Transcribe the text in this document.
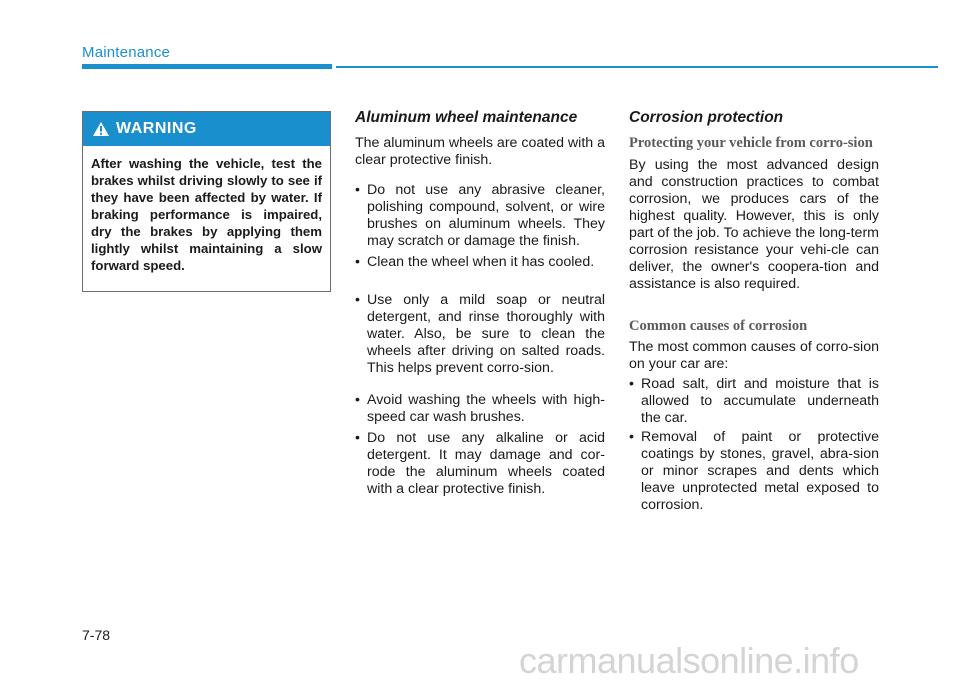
Maintenance
WARNING
After washing the vehicle, test the brakes whilst driving slowly to see if they have been affected by water. If braking performance is impaired, dry the brakes by applying them lightly whilst maintaining a slow forward speed.
Aluminum wheel maintenance

The aluminum wheels are coated with a clear protective finish.

• Do not use any abrasive cleaner, polishing compound, solvent, or wire brushes on aluminum wheels. They may scratch or damage the finish.
• Clean the wheel when it has cooled.
• Use only a mild soap or neutral detergent, and rinse thoroughly with water. Also, be sure to clean the wheels after driving on salted roads. This helps prevent corro-sion.
• Avoid washing the wheels with high-speed car wash brushes.
• Do not use any alkaline or acid detergent. It may damage and cor-rode the aluminum wheels coated with a clear protective finish.
Corrosion protection
Protecting your vehicle from corro-sion

By using the most advanced design and construction practices to combat corrosion, we produces cars of the highest quality. However, this is only part of the job. To achieve the long-term corrosion resistance your vehi-cle can deliver, the owner's coopera-tion and assistance is also required.

Common causes of corrosion

The most common causes of corro-sion on your car are:

• Road salt, dirt and moisture that is allowed to accumulate underneath the car.
• Removal of paint or protective coatings by stones, gravel, abra-sion or minor scrapes and dents which leave unprotected metal exposed to corrosion.
7-78
carmanualsonline.info
